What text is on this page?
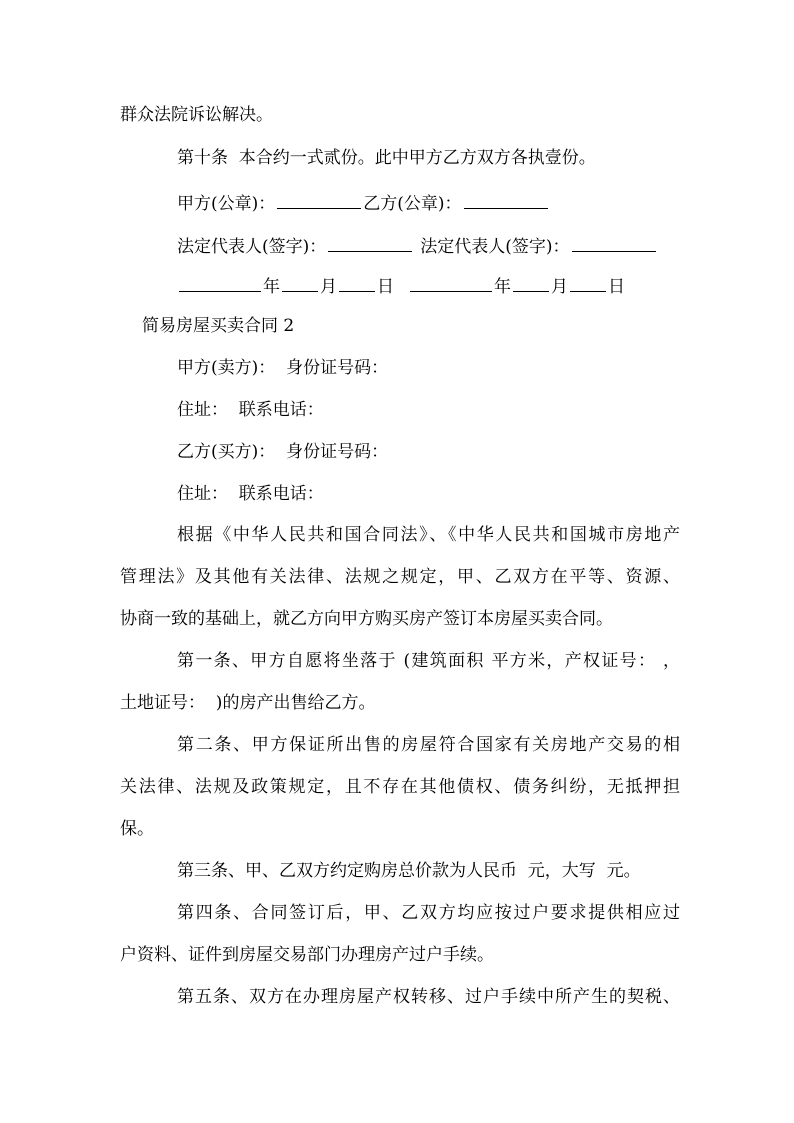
群众法院诉讼解决。
第十条  本合约一式贰份。此中甲方乙方双方各执壹份。
甲方(公章)：	乙方(公章)：
法定代表人(签字)：	法定代表人(签字)：
年 月 日	年 月 日
简易房屋买卖合同 2
甲方(卖方)：  身份证号码：
住址：  联系电话：
乙方(买方)：  身份证号码：
住址：  联系电话：
根据《中华人民共和国合同法》、《中华人民共和国城市房地产
管理法》及其他有关法律、法规之规定，甲、乙双方在平等、资源、
协商一致的基础上，就乙方向甲方购买房产签订本房屋买卖合同。
第一条、甲方自愿将坐落于 (建筑面积 平方米，产权证号： ，
土地证号：  )的房产出售给乙方。
第二条、甲方保证所出售的房屋符合国家有关房地产交易的相
关法律、法规及政策规定，且不存在其他债权、债务纠纷，无抵押担
保。
第三条、甲、乙双方约定购房总价款为人民币  元，大写  元。
第四条、合同签订后，甲、乙双方均应按过户要求提供相应过
户资料、证件到房屋交易部门办理房产过户手续。
第五条、双方在办理房屋产权转移、过户手续中所产生的契税、
